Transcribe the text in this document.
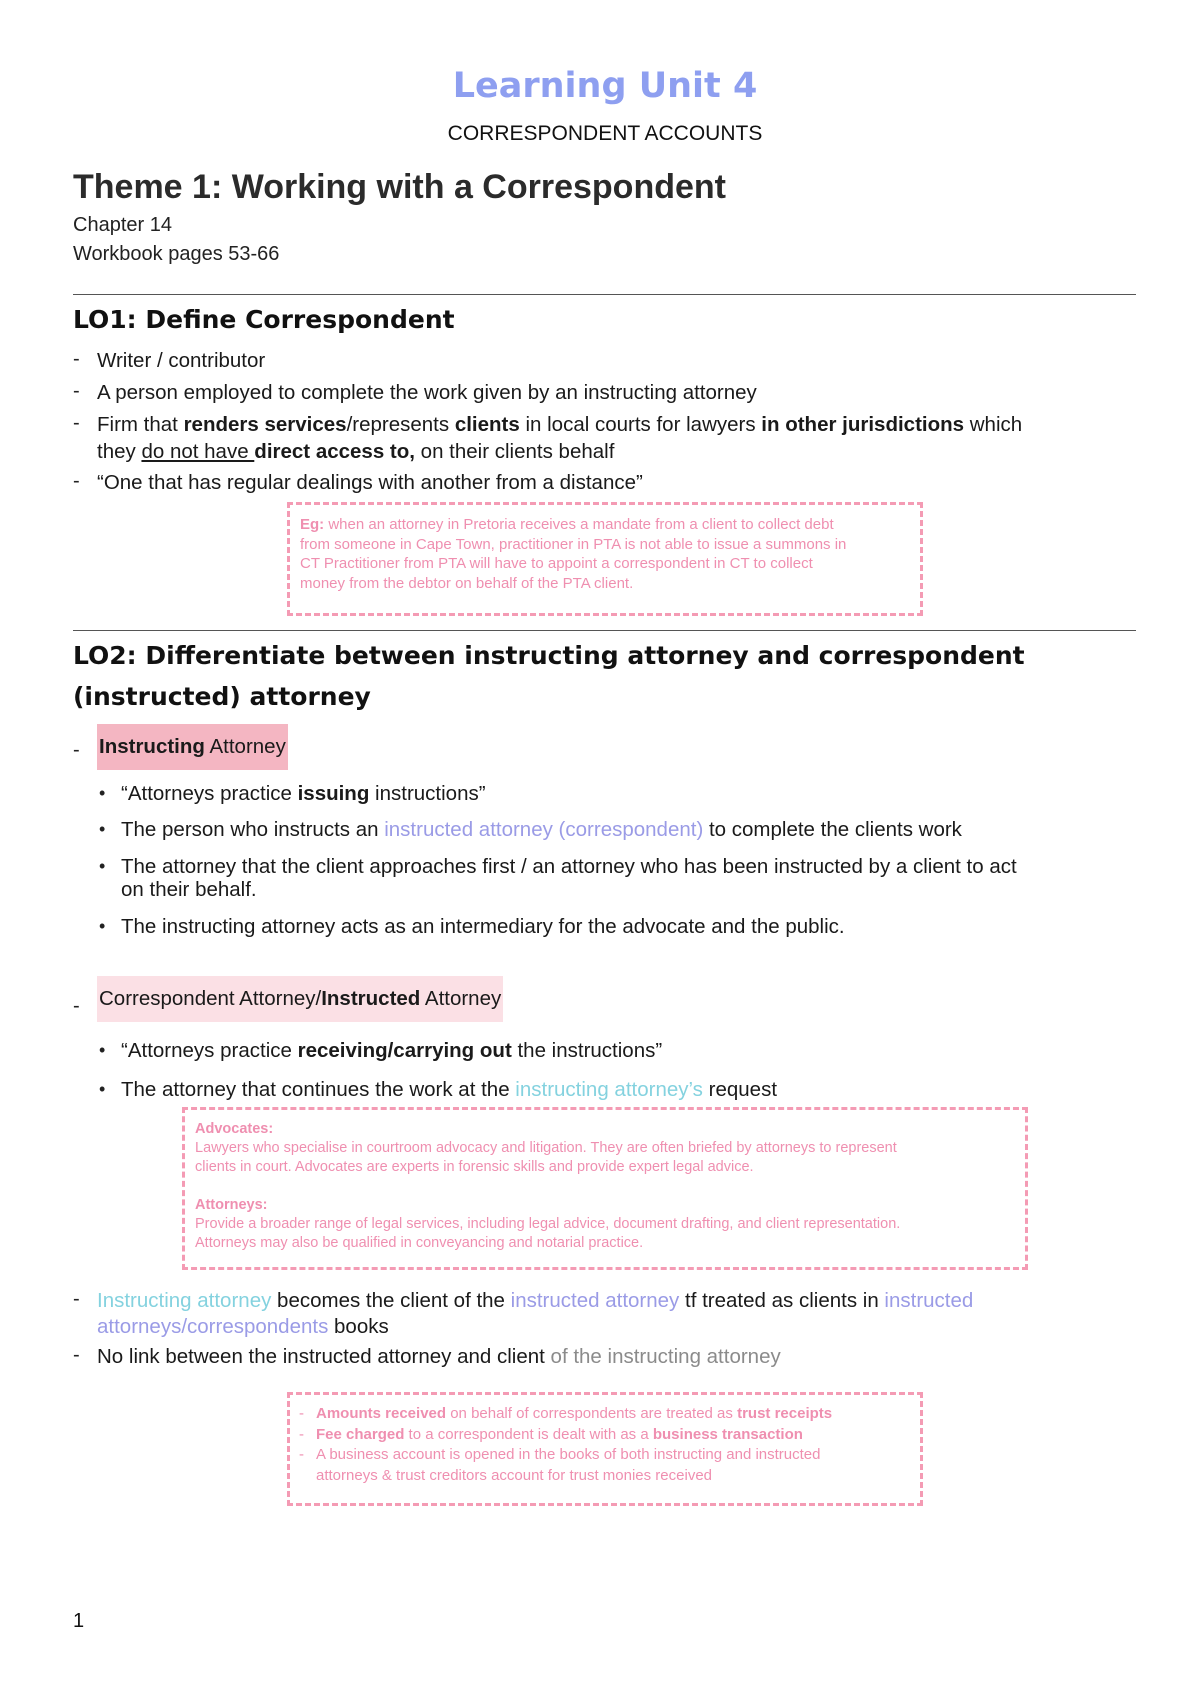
Learning Unit 4
CORRESPONDENT ACCOUNTS
Theme 1: Working with a Correspondent
Chapter 14
Workbook pages 53-66
LO1: Define Correspondent
- Writer / contributor
- A person employed to complete the work given by an instructing attorney
- Firm that renders services/represents clients in local courts for lawyers in other jurisdictions which
they do not have direct access to, on their clients behalf
- “One that has regular dealings with another from a distance”
Eg: when an attorney in Pretoria receives a mandate from a client to collect debt
from someone in Cape Town, practitioner in PTA is not able to issue a summons in
CT Practitioner from PTA will have to appoint a correspondent in CT to collect
money from the debtor on behalf of the PTA client.
LO2: Differentiate between instructing attorney and correspondent
(instructed) attorney
- Instructing Attorney
• “Attorneys practice issuing instructions”
• The person who instructs an instructed attorney (correspondent) to complete the clients work
• The attorney that the client approaches first / an attorney who has been instructed by a client to act
on their behalf.
• The instructing attorney acts as an intermediary for the advocate and the public.
- Correspondent Attorney/Instructed Attorney
• “Attorneys practice receiving/carrying out the instructions”
• The attorney that continues the work at the instructing attorney’s request
Advocates:
Lawyers who specialise in courtroom advocacy and litigation. They are often briefed by attorneys to represent
clients in court. Advocates are experts in forensic skills and provide expert legal advice.
Attorneys:
Provide a broader range of legal services, including legal advice, document drafting, and client representation.
Attorneys may also be qualified in conveyancing and notarial practice.
- Instructing attorney becomes the client of the instructed attorney tf treated as clients in instructed
attorneys/correspondents books
- No link between the instructed attorney and client of the instructing attorney
- Amounts received on behalf of correspondents are treated as trust receipts
- Fee charged to a correspondent is dealt with as a business transaction
- A business account is opened in the books of both instructing and instructed
attorneys & trust creditors account for trust monies received
1
